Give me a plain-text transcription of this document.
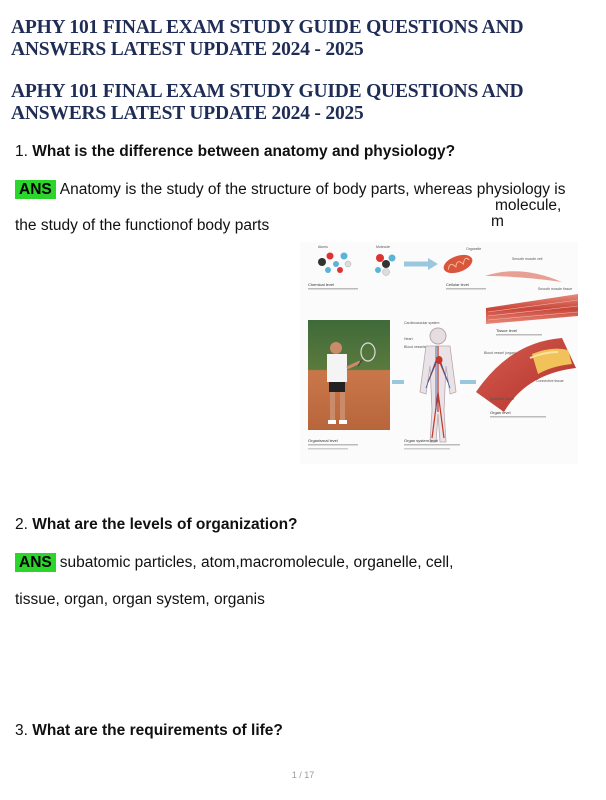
APHY 101 FINAL EXAM STUDY GUIDE QUESTIONS AND ANSWERS LATEST UPDATE 2024 - 2025
APHY 101 FINAL EXAM STUDY GUIDE QUESTIONS AND ANSWERS LATEST UPDATE 2024 - 2025
1. What is the difference between anatomy and physiology?
ANS Anatomy is the study of the structure of body parts, whereas physiology is
molecule,
the study of the functionof body parts	m
Atoms	Molecule	Organelle
Smooth muscle cell
Chemical level	Cellular level
Smooth muscle tissue
Tissue level
Organismal level
Cardiovascular system
Heart
Blood vessels
Organ system level
Blood vessel (organ)
Connective tissue
Epithelial tissue
Organ level
2. What are the levels of organization?
ANS subatomic particles, atom,macromolecule, organelle, cell,
tissue, organ, organ system, organis
3. What are the requirements of life?
1 / 17
